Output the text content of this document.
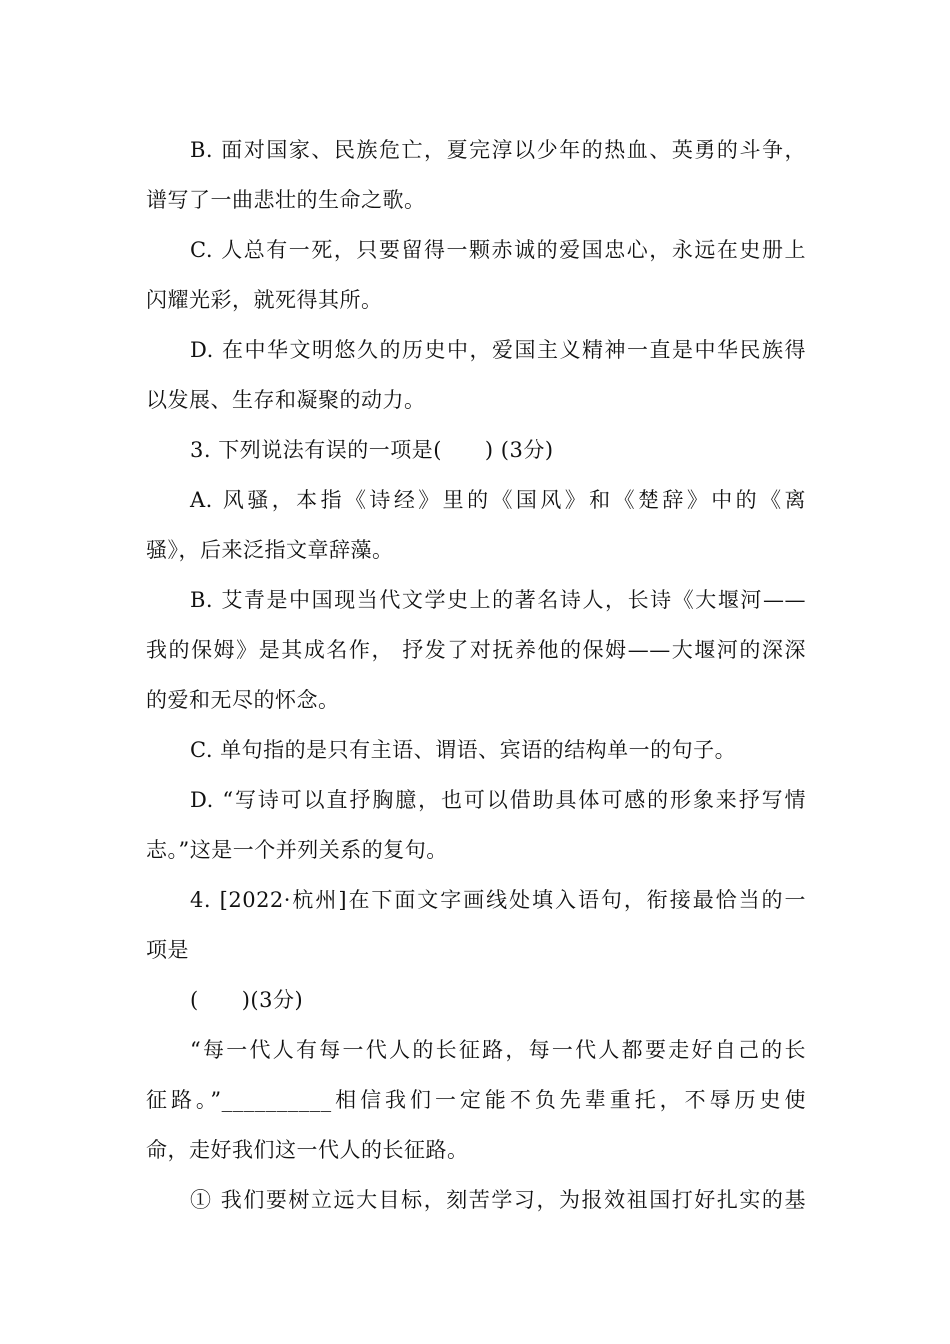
B. 面对国家、民族危亡，夏完淳以少年的热血、英勇的斗争，
谱写了一曲悲壮的生命之歌。
C. 人总有一死，只要留得一颗赤诚的爱国忠心，永远在史册上
闪耀光彩，就死得其所。
D. 在中华文明悠久的历史中，爱国主义精神一直是中华民族得
以发展、生存和凝聚的动力。
3. 下列说法有误的一项是(　　) (3分)
A. 风骚，本指《诗经》里的《国风》和《楚辞》中的《离
骚》，后来泛指文章辞藻。
B. 艾青是中国现当代文学史上的著名诗人，长诗《大堰河——
我的保姆》是其成名作， 抒发了对抚养他的保姆——大堰河的深深
的爱和无尽的怀念。
C. 单句指的是只有主语、谓语、宾语的结构单一的句子。
D. “写诗可以直抒胸臆，也可以借助具体可感的形象来抒写情
志。”这是一个并列关系的复句。
4. [2022·杭州]在下面文字画线处填入语句，衔接最恰当的一
项是
(　　)(3分)
“每一代人有每一代人的长征路，每一代人都要走好自己的长
征路。”__________相信我们一定能不负先辈重托，不辱历史使
命，走好我们这一代人的长征路。
① 我们要树立远大目标，刻苦学习，为报效祖国打好扎实的基
